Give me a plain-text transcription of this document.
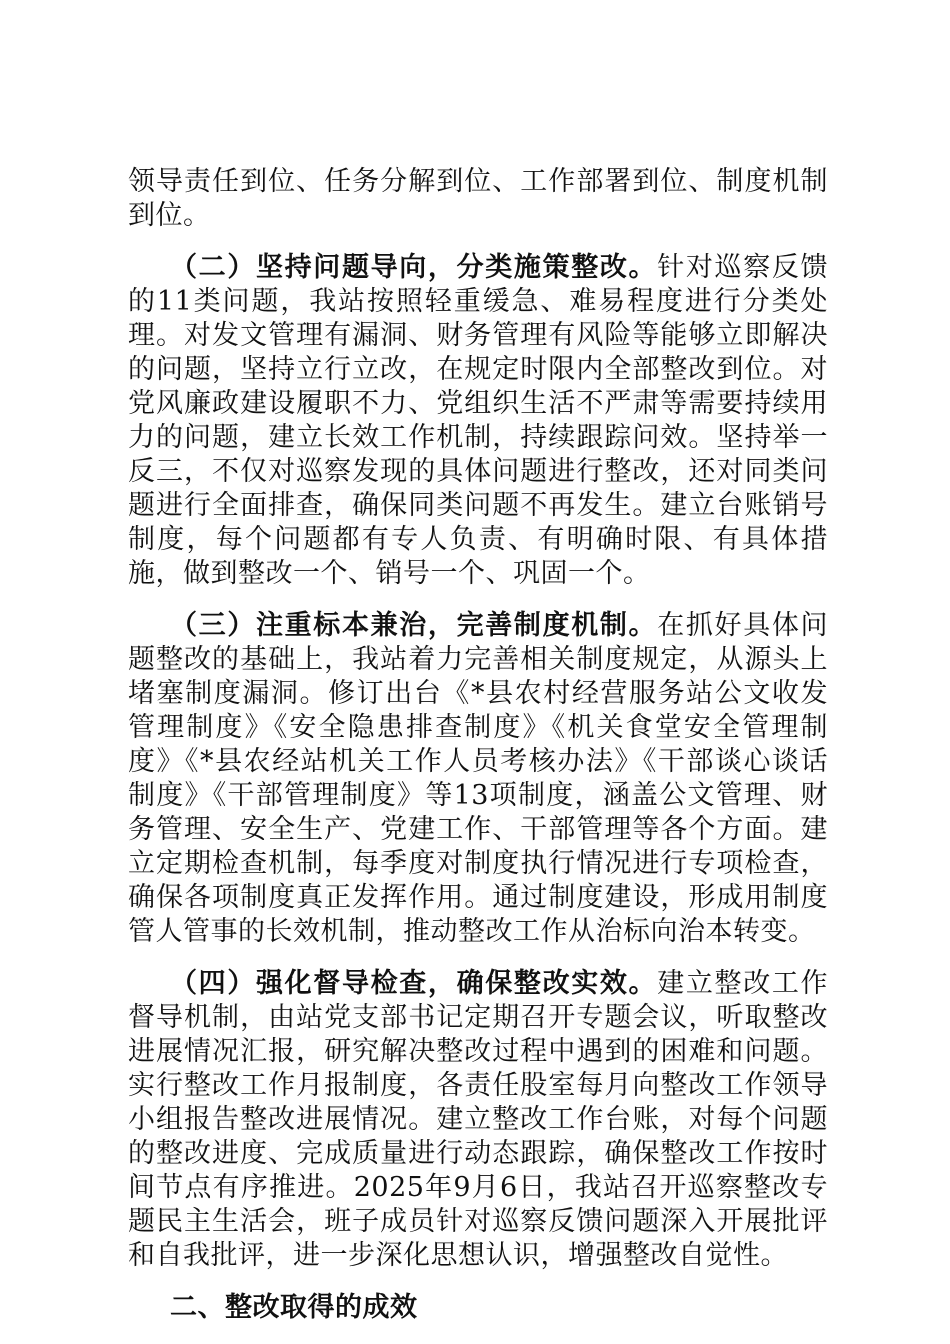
领导责任到位、任务分解到位、工作部署到位、制度机制到位。

（二）坚持问题导向，分类施策整改。针对巡察反馈的11类问题，我站按照轻重缓急、难易程度进行分类处理。对发文管理有漏洞、财务管理有风险等能够立即解决的问题，坚持立行立改，在规定时限内全部整改到位。对党风廉政建设履职不力、党组织生活不严肃等需要持续用力的问题，建立长效工作机制，持续跟踪问效。坚持举一反三，不仅对巡察发现的具体问题进行整改，还对同类问题进行全面排查，确保同类问题不再发生。建立台账销号制度，每个问题都有专人负责、有明确时限、有具体措施，做到整改一个、销号一个、巩固一个。

（三）注重标本兼治，完善制度机制。在抓好具体问题整改的基础上，我站着力完善相关制度规定，从源头上堵塞制度漏洞。修订出台《*县农村经营服务站公文收发管理制度》《安全隐患排查制度》《机关食堂安全管理制度》《*县农经站机关工作人员考核办法》《干部谈心谈话制度》《干部管理制度》等13项制度，涵盖公文管理、财务管理、安全生产、党建工作、干部管理等各个方面。建立定期检查机制，每季度对制度执行情况进行专项检查，确保各项制度真正发挥作用。通过制度建设，形成用制度管人管事的长效机制，推动整改工作从治标向治本转变。

（四）强化督导检查，确保整改实效。建立整改工作督导机制，由站党支部书记定期召开专题会议，听取整改进展情况汇报，研究解决整改过程中遇到的困难和问题。实行整改工作月报制度，各责任股室每月向整改工作领导小组报告整改进展情况。建立整改工作台账，对每个问题的整改进度、完成质量进行动态跟踪，确保整改工作按时间节点有序推进。2025年9月6日，我站召开巡察整改专题民主生活会，班子成员针对巡察反馈问题深入开展批评和自我批评，进一步深化思想认识，增强整改自觉性。

二、整改取得的成效
